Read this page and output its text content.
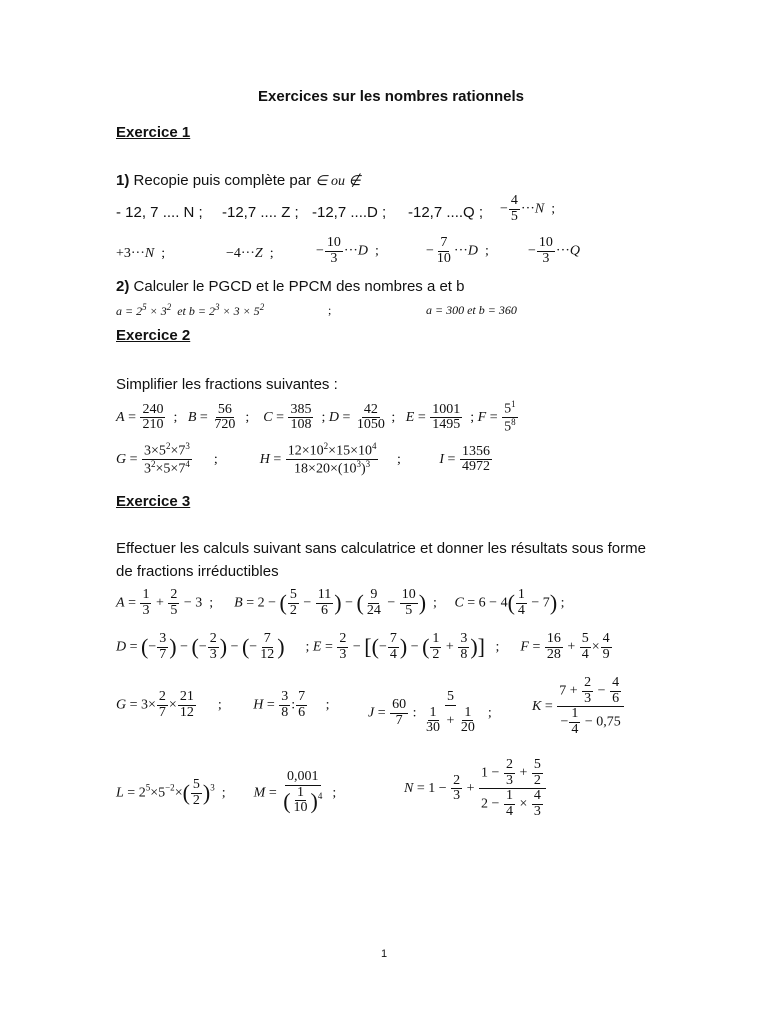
Exercices sur les nombres rationnels
Exercice 1
1) Recopie puis complète par ∈ ou ∉
- 12, 7 .... N ; -12,7 .... Z ; -12,7 ....D ; -12,7 ....Q ; − $\frac{4}{5} \cdot\cdot\cdot N$  ;
+3···N  ;	−4···Z  ;	− $\frac{10}{3} \cdot\cdot\cdot D$  ;	− $\frac{7}{10} \cdot\cdot\cdot D$  ;	− $\frac{10}{3} \cdot\cdot\cdot Q$
2) Calculer le PGCD et le PPCM des nombres a et b
$a = 2^5 \times 3^2$  et $b = 2^3 \times 3 \times 5^2$	;	a = 300 et b = 360
Exercice 2
Simplifier les fractions suivantes :
$A = \frac{240}{210}$ ;   $B = \frac{56}{720}$ ;    $C = \frac{385}{108}$ ; $D = \frac{42}{1050}$ ;   $E = \frac{1001}{1495}$ ; $F = \frac{5^1}{5^8}$
$G = \frac{3\times 5^2\times 7^3}{3^2\times 5\times 7^4}$ ;            $H = \frac{12\times 10^2\times 15\times 10^4}{18\times 20\times(10^3)^3}$ ;           $I = \frac{1356}{4972}$
Exercice 3
Effectuer les calculs suivant sans calculatrice et donner les résultats sous forme
de fractions irréductibles
$A = \frac{1}{3} + \frac{2}{5} - 3$  ;      B = 2 − ( $\frac{5}{2} - \frac{11}{6}$ ) − ( $\frac{9}{24} - \frac{10}{5}$ )  ;     $C = 6 - 4( \frac{1}{4} - 7)$ ;
D = (− $\frac{3}{7}$ ) − (− $\frac{2}{3}$ ) − (− $\frac{7}{12}$ )      ; $E = \frac{2}{3}$ − [(− $\frac{7}{4}$ ) − ( $\frac{1}{2} + \frac{3}{8}$ )]   ;      $F = \frac{16}{28} + \frac{5}{4} \times \frac{4}{9}$
$G = 3\times \frac{2}{7} \times \frac{21}{12}$ ;         $H = \frac{3}{8}$ : $\frac{7}{6}$ ;
$J = \frac{60}{7}$ : $\frac{5}{\frac{1}{30} + \frac{1}{20}}$ ;	$K = \frac{7 + \frac{2}{3} - \frac{4}{6}}{- \frac{1}{4} - 0,75}$
$L = 2^5\times 5^{-2}\times( \frac{5}{2} )^3$  ;        $M = \frac{0,001}{( \frac{1}{10} )^4}$ ;	$N = 1 - \frac{2}{3} + \frac{1 - \frac{2}{3} + \frac{5}{2}}{2 - \frac{1}{4} \times \frac{4}{3}}$
1
